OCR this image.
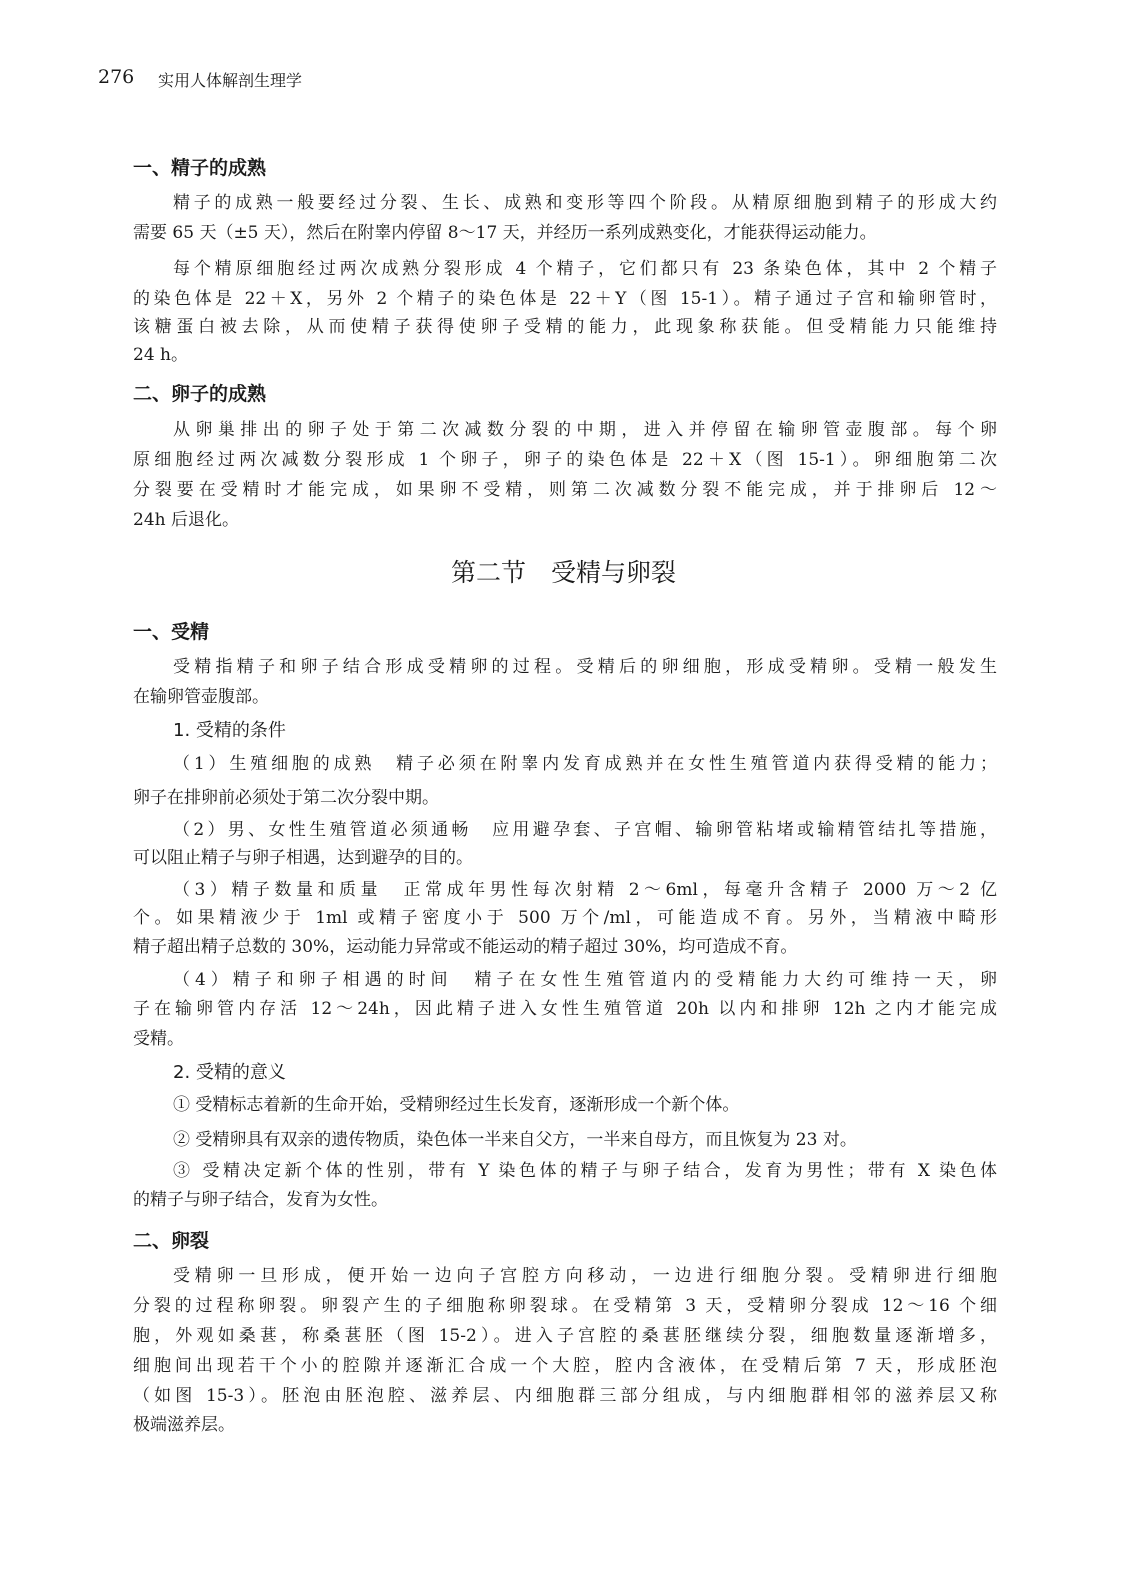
276 实用人体解剖生理学
一、精子的成熟
精子的成熟一般要经过分裂、生长、成熟和变形等四个阶段。从精原细胞到精子的形成大约
需要 65 天（±5 天），然后在附睾内停留 8～17 天，并经历一系列成熟变化，才能获得运动能力。
每个精原细胞经过两次成熟分裂形成 4 个精子，它们都只有 23 条染色体，其中 2 个精子
的染色体是 22＋X，另外 2 个精子的染色体是 22＋Y（图 15-1）。精子通过子宫和输卵管时，
该糖蛋白被去除，从而使精子获得使卵子受精的能力，此现象称获能。但受精能力只能维持
24 h。
二、卵子的成熟
从卵巢排出的卵子处于第二次减数分裂的中期，进入并停留在输卵管壶腹部。每个卵
原细胞经过两次减数分裂形成 1 个卵子，卵子的染色体是 22＋X（图 15-1）。卵细胞第二次
分裂要在受精时才能完成，如果卵不受精，则第二次减数分裂不能完成，并于排卵后 12～
24h 后退化。
第二节　受精与卵裂
一、受精
受精指精子和卵子结合形成受精卵的过程。受精后的卵细胞，形成受精卵。受精一般发生
在输卵管壶腹部。
1. 受精的条件
（1）生殖细胞的成熟　精子必须在附睾内发育成熟并在女性生殖管道内获得受精的能力；
卵子在排卵前必须处于第二次分裂中期。
（2）男、女性生殖管道必须通畅　应用避孕套、子宫帽、输卵管粘堵或输精管结扎等措施，
可以阻止精子与卵子相遇，达到避孕的目的。
（3）精子数量和质量　正常成年男性每次射精 2～6ml，每毫升含精子 2000 万～2 亿
个。如果精液少于 1ml 或精子密度小于 500 万个/ml，可能造成不育。另外，当精液中畸形
精子超出精子总数的 30%，运动能力异常或不能运动的精子超过 30%，均可造成不育。
（4）精子和卵子相遇的时间　精子在女性生殖管道内的受精能力大约可维持一天，卵
子在输卵管内存活 12～24h，因此精子进入女性生殖管道 20h 以内和排卵 12h 之内才能完成
受精。
2. 受精的意义
① 受精标志着新的生命开始，受精卵经过生长发育，逐渐形成一个新个体。
② 受精卵具有双亲的遗传物质，染色体一半来自父方，一半来自母方，而且恢复为 23 对。
③ 受精决定新个体的性别，带有 Y 染色体的精子与卵子结合，发育为男性；带有 X 染色体
的精子与卵子结合，发育为女性。
二、卵裂
受精卵一旦形成，便开始一边向子宫腔方向移动，一边进行细胞分裂。受精卵进行细胞
分裂的过程称卵裂。卵裂产生的子细胞称卵裂球。在受精第 3 天，受精卵分裂成 12～16 个细
胞，外观如桑葚，称桑葚胚（图 15-2）。进入子宫腔的桑葚胚继续分裂，细胞数量逐渐增多，
细胞间出现若干个小的腔隙并逐渐汇合成一个大腔，腔内含液体，在受精后第 7 天，形成胚泡
（如图 15-3）。胚泡由胚泡腔、滋养层、内细胞群三部分组成，与内细胞群相邻的滋养层又称
极端滋养层。
